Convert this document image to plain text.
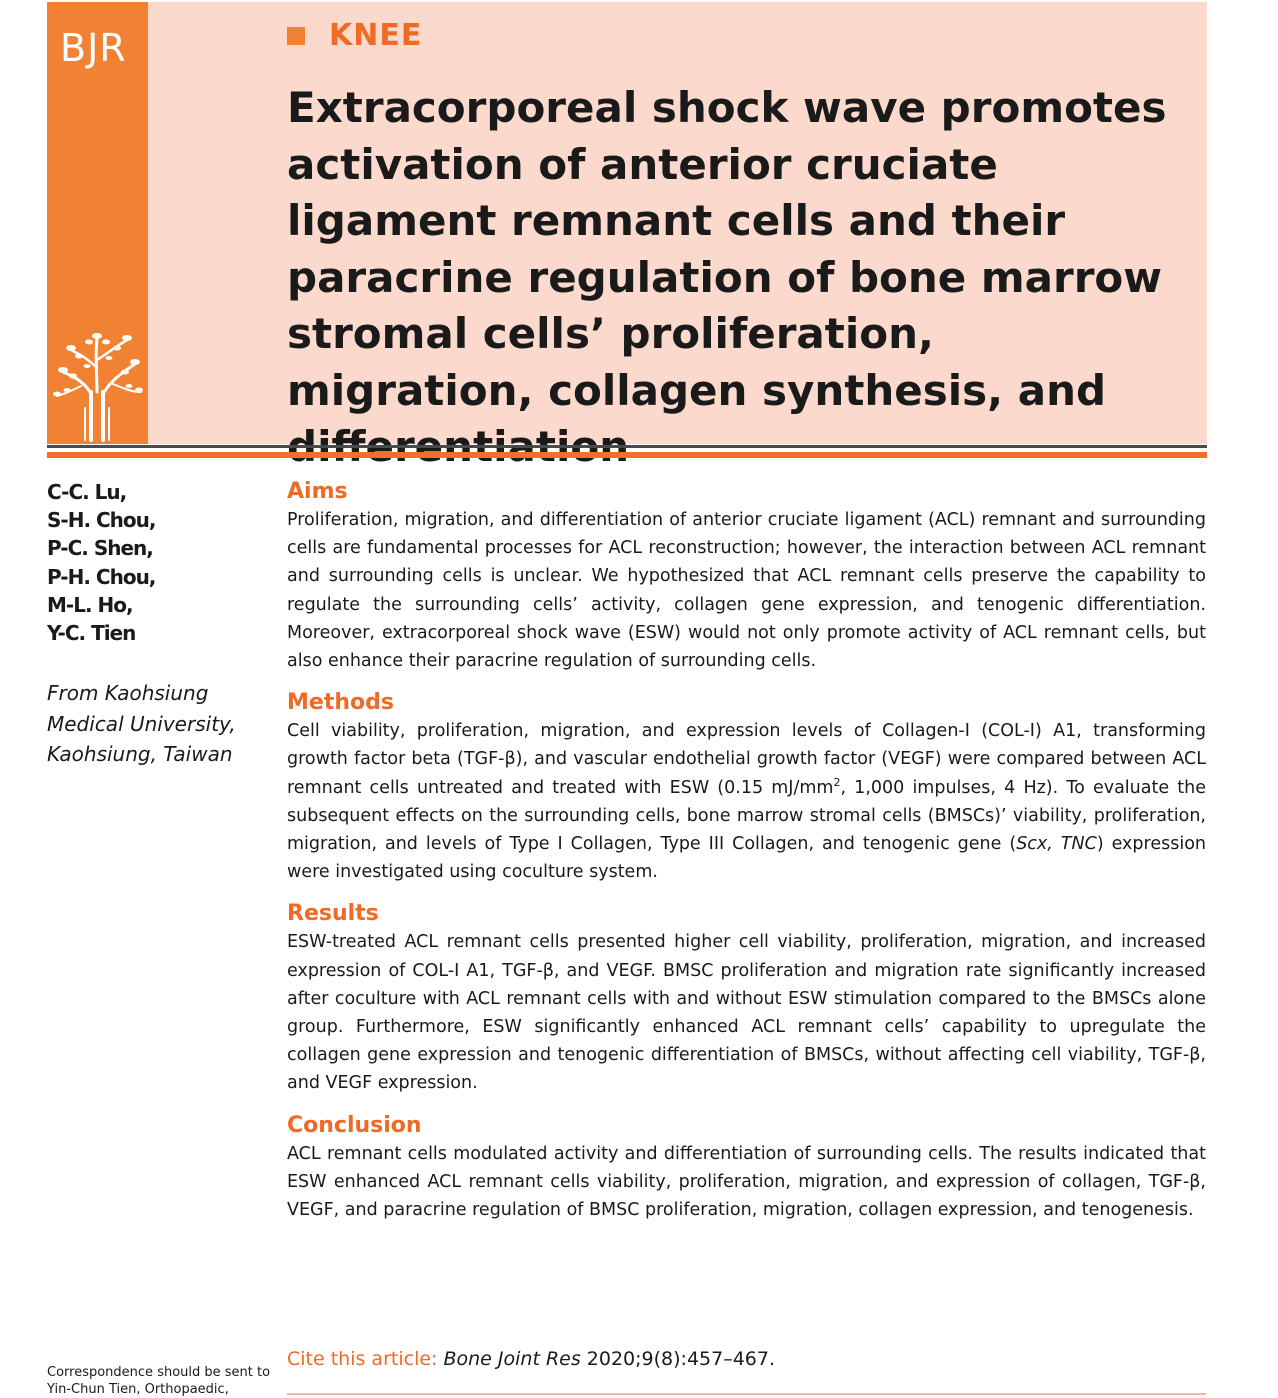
BJR	KNEE
Extracorporeal shock wave promotes activation of anterior cruciate ligament remnant cells and their paracrine regulation of bone marrow stromal cells’ proliferation, migration, collagen synthesis, and
C-C. Lu,
S-H. Chou,
P-C. Shen,
P-H. Chou,
M-L. Ho,
Y-C. Tien
From Kaohsiung Medical University, Kaohsiung, Taiwan
Correspondence should be sent to Yin-Chun Tien, Orthopaedic,
Aims

Proliferation, migration, and differentiation of anterior cruciate ligament (ACL) remnant and surrounding cells are fundamental processes for ACL reconstruction; however, the interaction between ACL remnant and surrounding cells is unclear. We hypothesized that ACL remnant cells preserve the capability to regulate the surrounding cells’ activity, collagen gene expression, and tenogenic differentiation. Moreover, extracorporeal shock wave (ESW) would not only promote activity of ACL remnant cells, but also enhance their paracrine regulation of surrounding cells.

Methods

Cell viability, proliferation, migration, and expression levels of Collagen-I (COL-I) A1, transforming growth factor beta (TGF-β), and vascular endothelial growth factor (VEGF) were compared between ACL remnant cells untreated and treated with ESW (0.15 $mJ/mm^2$, 1,000 impulses, 4 Hz). To evaluate the subsequent effects on the surrounding cells, bone marrow stromal cells (BMSCs)’ viability, proliferation, migration, and levels of Type I Collagen, Type III Collagen, and tenogenic gene (Scx, TNC) expression were investigated using coculture system.

Results

ESW-treated ACL remnant cells presented higher cell viability, proliferation, migration, and increased expression of COL-I A1, TGF-β, and VEGF. BMSC proliferation and migration rate significantly increased after coculture with ACL remnant cells with and without ESW stimulation compared to the BMSCs alone group. Furthermore, ESW significantly enhanced ACL remnant cells’ capability to upregulate the collagen gene expression and tenogenic differentiation of BMSCs, without affecting cell viability, TGF-β, and VEGF expression.

Conclusion

ACL remnant cells modulated activity and differentiation of surrounding cells. The results indicated that ESW enhanced ACL remnant cells viability, proliferation, migration, and expression of collagen, TGF-β, VEGF, and paracrine regulation of BMSC proliferation, migration, collagen expression, and tenogenesis.

Cite this article: Bone Joint Res 2020;9(8):457–467.
